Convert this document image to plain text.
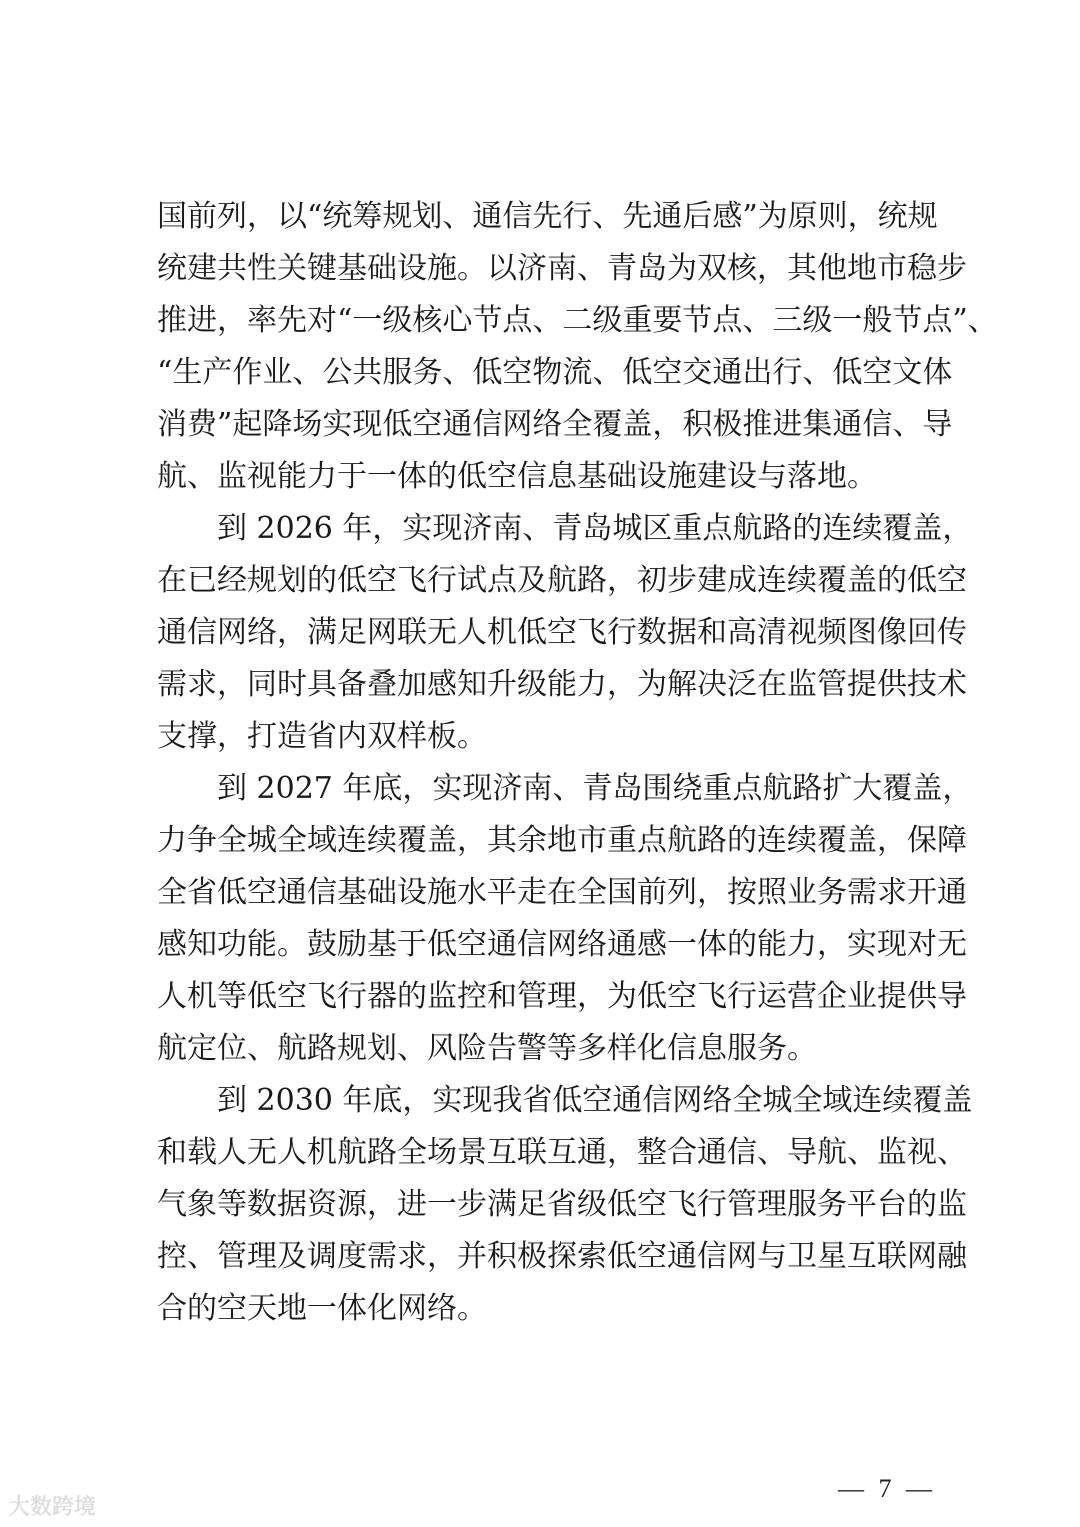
国前列，以“统筹规划、通信先行、先通后感”为原则，统规
统建共性关键基础设施。以济南、青岛为双核，其他地市稳步
推进，率先对“一级核心节点、二级重要节点、三级一般节点”、
“生产作业、公共服务、低空物流、低空交通出行、低空文体
消费”起降场实现低空通信网络全覆盖，积极推进集通信、导
航、监视能力于一体的低空信息基础设施建设与落地。
　　到 2026 年，实现济南、青岛城区重点航路的连续覆盖，
在已经规划的低空飞行试点及航路，初步建成连续覆盖的低空
通信网络，满足网联无人机低空飞行数据和高清视频图像回传
需求，同时具备叠加感知升级能力，为解决泛在监管提供技术
支撑，打造省内双样板。
　　到 2027 年底，实现济南、青岛围绕重点航路扩大覆盖，
力争全城全域连续覆盖，其余地市重点航路的连续覆盖，保障
全省低空通信基础设施水平走在全国前列，按照业务需求开通
感知功能。鼓励基于低空通信网络通感一体的能力，实现对无
人机等低空飞行器的监控和管理，为低空飞行运营企业提供导
航定位、航路规划、风险告警等多样化信息服务。
　　到 2030 年底，实现我省低空通信网络全城全域连续覆盖
和载人无人机航路全场景互联互通，整合通信、导航、监视、
气象等数据资源，进一步满足省级低空飞行管理服务平台的监
控、管理及调度需求，并积极探索低空通信网与卫星互联网融
合的空天地一体化网络。
— 7 —
大数跨境
